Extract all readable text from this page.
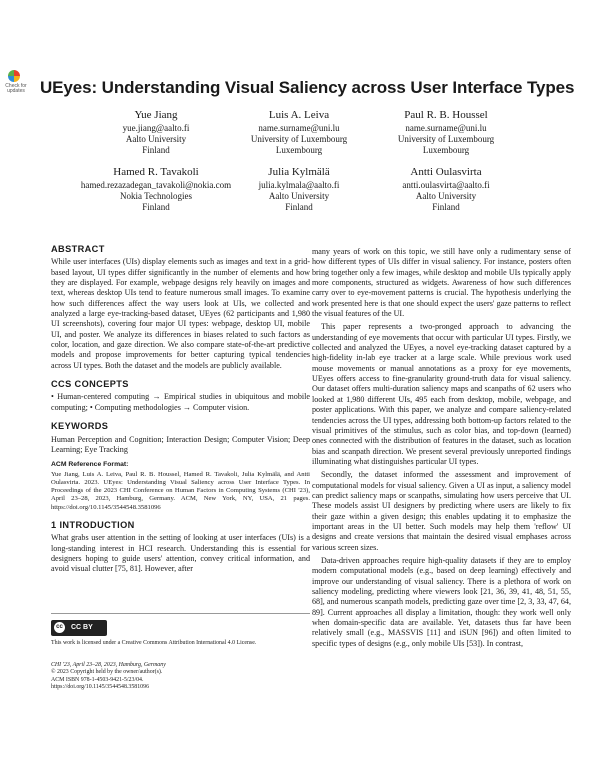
Check for updates UEyes: Understanding Visual Saliency across User Interface Types
Yue Jiang
yue.jiang@aalto.fi
Aalto University
Finland
Luis A. Leiva
name.surname@uni.lu
University of Luxembourg
Luxembourg
Paul R. B. Houssel
name.surname@uni.lu
University of Luxembourg
Luxembourg
Hamed R. Tavakoli
hamed.rezazadegan_tavakoli@nokia.com
Nokia Technologies
Finland
Julia Kylmälä
julia.kylmala@aalto.fi
Aalto University
Finland
Antti Oulasvirta
antti.oulasvirta@aalto.fi
Aalto University
Finland
ABSTRACT

While user interfaces (UIs) display elements such as images and text in a grid-based layout, UI types differ significantly in the number of elements and how they are displayed. For example, webpage designs rely heavily on images and text, whereas desktop UIs tend to feature numerous small images. To examine how such differences affect the way users look at UIs, we collected and analyzed a large eye-tracking-based dataset, UEyes (62 participants and 1,980 UI screenshots), covering four major UI types: webpage, desktop UI, mobile UI, and poster. We analyze its differences in biases related to such factors as color, location, and gaze direction. We also compare state-of-the-art predictive models and propose improvements for better capturing typical tendencies across UI types. Both the dataset and the models are publicly available.

CCS CONCEPTS

• Human-centered computing → Empirical studies in ubiquitous and mobile computing; • Computing methodologies → Computer vision.

KEYWORDS

Human Perception and Cognition; Interaction Design; Computer Vision; Deep Learning; Eye Tracking

ACM Reference Format:

Yue Jiang, Luis A. Leiva, Paul R. B. Houssel, Hamed R. Tavakoli, Julia Kylmälä, and Antti Oulasvirta. 2023. UEyes: Understanding Visual Saliency across User Interface Types. In Proceedings of the 2023 CHI Conference on Human Factors in Computing Systems (CHI '23), April 23–28, 2023, Hamburg, Germany. ACM, New York, NY, USA, 21 pages. https://doi.org/10.1145/3544548.3581096

1 INTRODUCTION

What grabs user attention in the setting of looking at user interfaces (UIs) is a long-standing interest in HCI research. Understanding this is essential for designers hoping to guide users' attention, convey critical information, and avoid visual clutter [75, 81]. However, after

cc	CC BY
This work is licensed under a Creative Commons Attribution International 4.0 License.
CHI '23, April 23–28, 2023, Hamburg, Germany
© 2023 Copyright held by the owner/author(s).
ACM ISBN 978-1-4503-9421-5/23/04.
https://doi.org/10.1145/3544548.3581096

many years of work on this topic, we still have only a rudimentary sense of how different types of UIs differ in visual saliency. For instance, posters often bring together only a few images, while desktop and mobile UIs typically apply more components, structured as widgets. Awareness of how such differences carry over to eye-movement patterns is crucial. The hypothesis underlying the work presented here is that one should expect the users' gaze patterns to reflect the visual features of the UI.

This paper represents a two-pronged approach to advancing the understanding of eye movements that occur with particular UI types. Firstly, we collected and analyzed the UEyes, a novel eye-tracking dataset captured by a high-fidelity in-lab eye tracker at a large scale. While previous work used mouse movements or manual annotations as a proxy for eye movements, UEyes offers access to fine-granularity ground-truth data for visual saliency. Our dataset offers multi-duration saliency maps and scanpaths of 62 users who looked at 1,980 different UIs, 495 each from desktop, mobile, webpage, and poster applications. With this paper, we analyze and compare saliency-related tendencies across the UI types, addressing both bottom-up factors related to the visual primitives of the stimulus, such as color bias, and top-down (learned) ones connected with the distribution of features in the dataset, such as location bias and scanpath direction. We present several previously unreported findings illuminating what distinguishes particular UI types.

Secondly, the dataset informed the assessment and improvement of computational models for visual saliency. Given a UI as input, a saliency model can predict saliency maps or scanpaths, simulating how users perceive that UI. These models assist UI designers by predicting where users are likely to fix their gaze within a given design; this enables updating it to emphasize the important areas in the UI better. Such models may help them 'reflow' UI designs and create versions that maintain the desired visual emphases across various screen sizes.

Data-driven approaches require high-quality datasets if they are to employ modern computational models (e.g., based on deep learning) effectively and improve our understanding of visual saliency. There is a plethora of work on saliency modeling, predicting where viewers look [21, 36, 39, 41, 48, 51, 55, 68], and numerous scanpath models, predicting gaze over time [2, 3, 33, 47, 64, 89]. Current approaches all display a limitation, though: they work well only when domain-specific data are available. Yet, datasets thus far have been relatively small (e.g., MASSVIS [11] and iSUN [96]) and often limited to specific types of designs (e.g., only mobile UIs [53]). In contrast,
